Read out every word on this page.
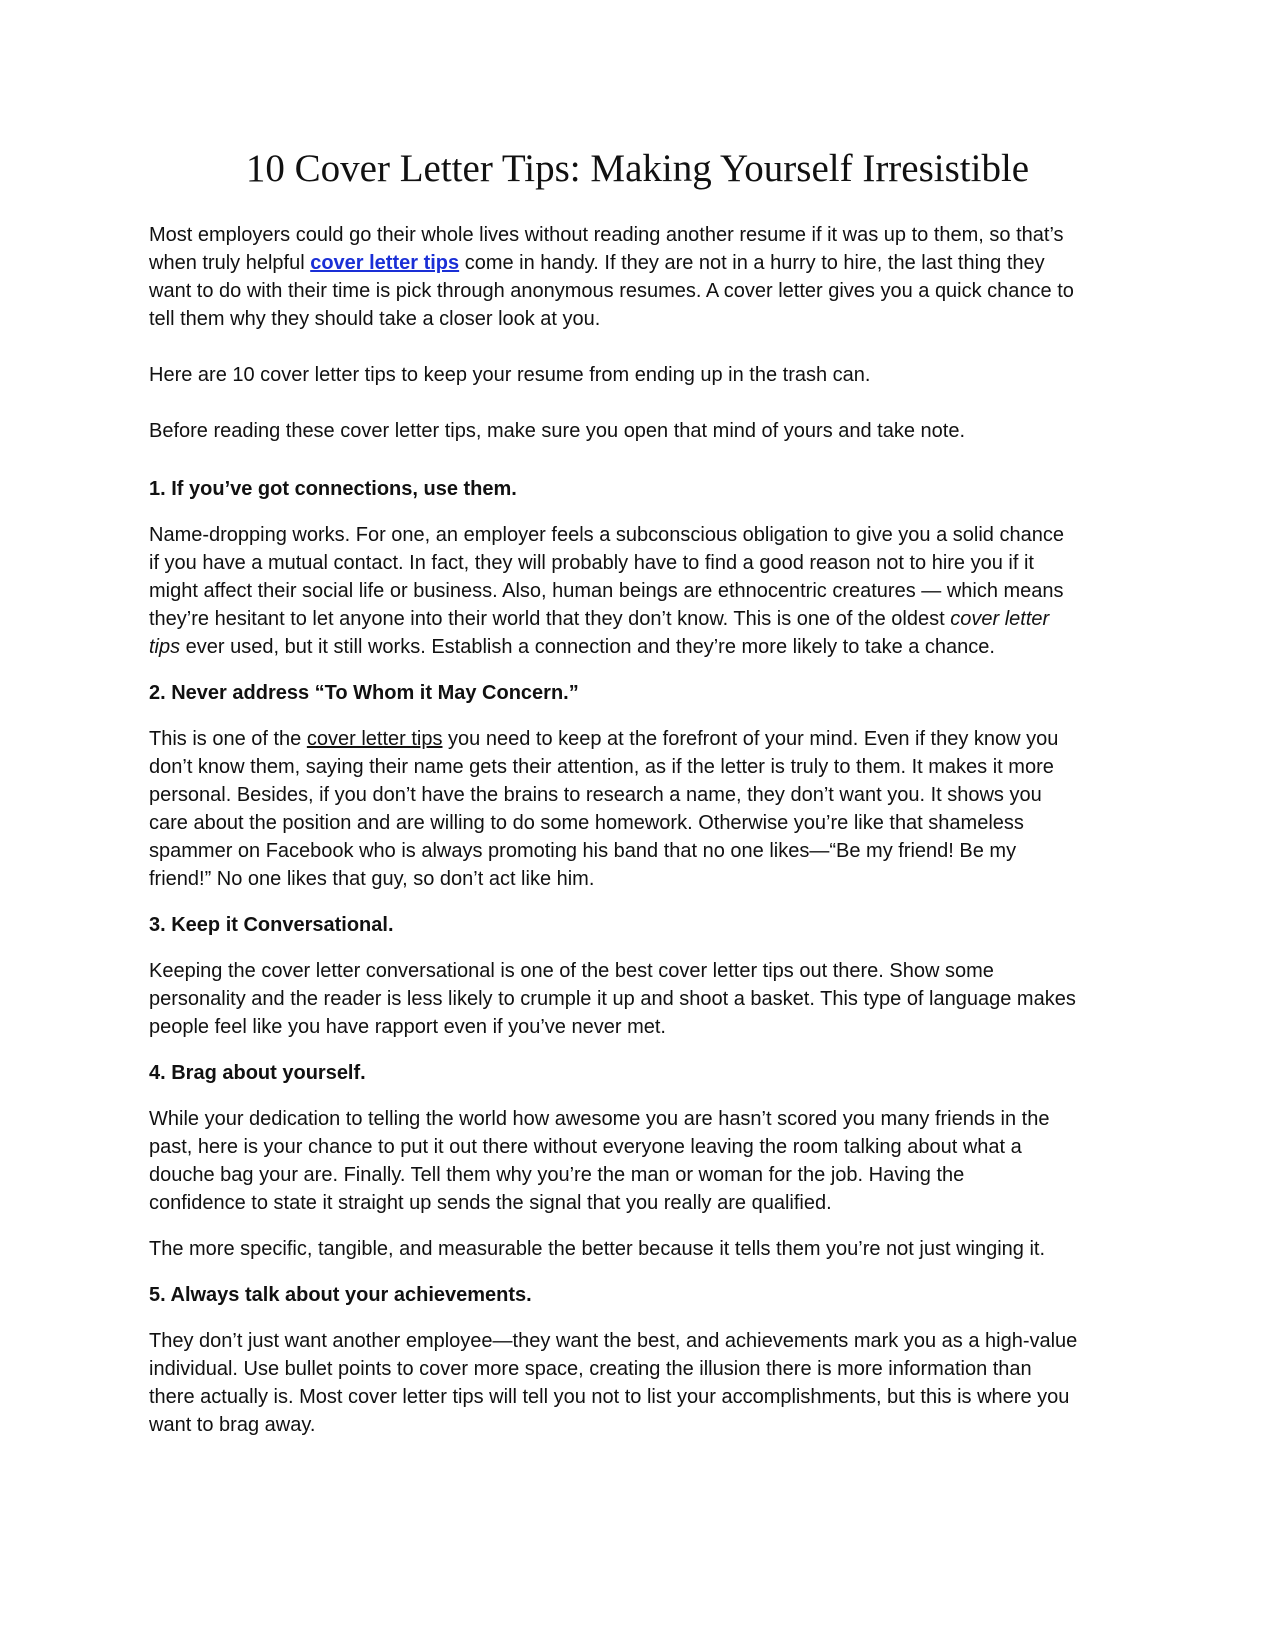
10 Cover Letter Tips: Making Yourself Irresistible

Most employers could go their whole lives without reading another resume if it was up to them, so that’s
when truly helpful cover letter tips come in handy. If they are not in a hurry to hire, the last thing they
want to do with their time is pick through anonymous resumes. A cover letter gives you a quick chance to
tell them why they should take a closer look at you.

Here are 10 cover letter tips to keep your resume from ending up in the trash can.

Before reading these cover letter tips, make sure you open that mind of yours and take note.

1. If you’ve got connections, use them.

Name-dropping works. For one, an employer feels a subconscious obligation to give you a solid chance
if you have a mutual contact. In fact, they will probably have to find a good reason not to hire you if it
might affect their social life or business. Also, human beings are ethnocentric creatures — which means
they’re hesitant to let anyone into their world that they don’t know. This is one of the oldest cover letter
tips ever used, but it still works. Establish a connection and they’re more likely to take a chance.

2. Never address “To Whom it May Concern.”

This is one of the cover letter tips you need to keep at the forefront of your mind. Even if they know you
don’t know them, saying their name gets their attention, as if the letter is truly to them. It makes it more
personal. Besides, if you don’t have the brains to research a name, they don’t want you. It shows you
care about the position and are willing to do some homework. Otherwise you’re like that shameless
spammer on Facebook who is always promoting his band that no one likes—“Be my friend! Be my
friend!” No one likes that guy, so don’t act like him.

3. Keep it Conversational.

Keeping the cover letter conversational is one of the best cover letter tips out there. Show some
personality and the reader is less likely to crumple it up and shoot a basket. This type of language makes
people feel like you have rapport even if you’ve never met.

4. Brag about yourself.

While your dedication to telling the world how awesome you are hasn’t scored you many friends in the
past, here is your chance to put it out there without everyone leaving the room talking about what a
douche bag your are. Finally. Tell them why you’re the man or woman for the job. Having the
confidence to state it straight up sends the signal that you really are qualified.

The more specific, tangible, and measurable the better because it tells them you’re not just winging it.

5. Always talk about your achievements.

They don’t just want another employee—they want the best, and achievements mark you as a high-value
individual. Use bullet points to cover more space, creating the illusion there is more information than
there actually is. Most cover letter tips will tell you not to list your accomplishments, but this is where you
want to brag away.
